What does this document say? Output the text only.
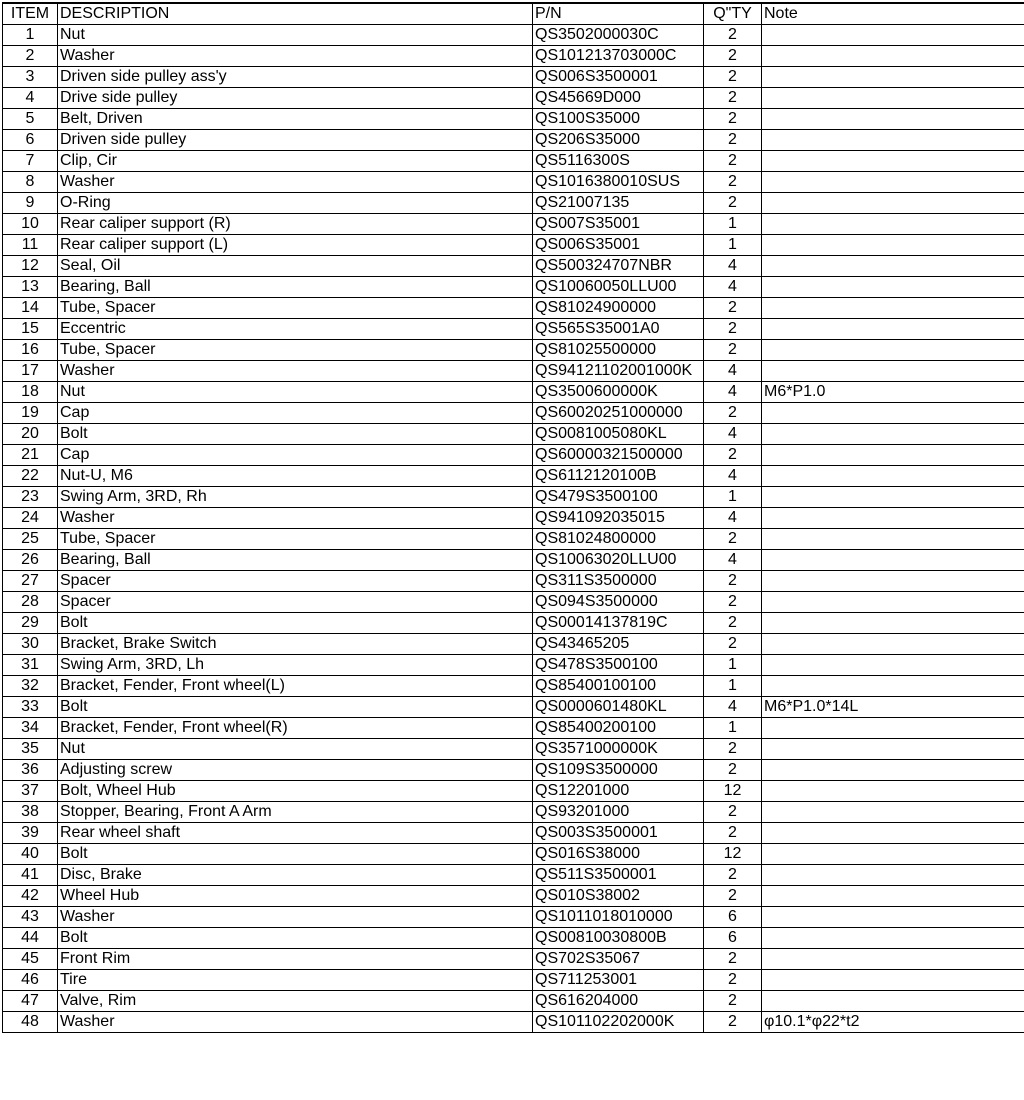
ITEM	DESCRIPTION	P/N	Q"TY	Note
1	Nut	QS3502000030C	2	
2	Washer	QS101213703000C	2	
3	Driven side pulley ass'y	QS006S3500001	2	
4	Drive side pulley	QS45669D000	2	
5	Belt, Driven	QS100S35000	2	
6	Driven side pulley	QS206S35000	2	
7	Clip, Cir	QS5116300S	2	
8	Washer	QS1016380010SUS	2	
9	O-Ring	QS21007135	2	
10	Rear caliper support (R)	QS007S35001	1	
11	Rear caliper support (L)	QS006S35001	1	
12	Seal, Oil	QS500324707NBR	4	
13	Bearing, Ball	QS10060050LLU00	4	
14	Tube, Spacer	QS81024900000	2	
15	Eccentric	QS565S35001A0	2	
16	Tube, Spacer	QS81025500000	2	
17	Washer	QS94121102001000K	4	
18	Nut	QS3500600000K	4	M6*P1.0
19	Cap	QS60020251000000	2	
20	Bolt	QS0081005080KL	4	
21	Cap	QS60000321500000	2	
22	Nut-U, M6	QS6112120100B	4	
23	Swing Arm, 3RD, Rh	QS479S3500100	1	
24	Washer	QS941092035015	4	
25	Tube, Spacer	QS81024800000	2	
26	Bearing, Ball	QS10063020LLU00	4	
27	Spacer	QS311S3500000	2	
28	Spacer	QS094S3500000	2	
29	Bolt	QS00014137819C	2	
30	Bracket, Brake Switch	QS43465205	2	
31	Swing Arm, 3RD, Lh	QS478S3500100	1	
32	Bracket, Fender, Front wheel(L)	QS85400100100	1	
33	Bolt	QS0000601480KL	4	M6*P1.0*14L
34	Bracket, Fender, Front wheel(R)	QS85400200100	1	
35	Nut	QS3571000000K	2	
36	Adjusting screw	QS109S3500000	2	
37	Bolt, Wheel Hub	QS12201000	12	
38	Stopper, Bearing, Front A Arm	QS93201000	2	
39	Rear wheel shaft	QS003S3500001	2	
40	Bolt	QS016S38000	12	
41	Disc, Brake	QS511S3500001	2	
42	Wheel Hub	QS010S38002	2	
43	Washer	QS1011018010000	6	
44	Bolt	QS00810030800B	6	
45	Front Rim	QS702S35067	2	
46	Tire	QS711253001	2	
47	Valve, Rim	QS616204000	2	
48	Washer	QS101102202000K	2	φ10.1*φ22*t2
